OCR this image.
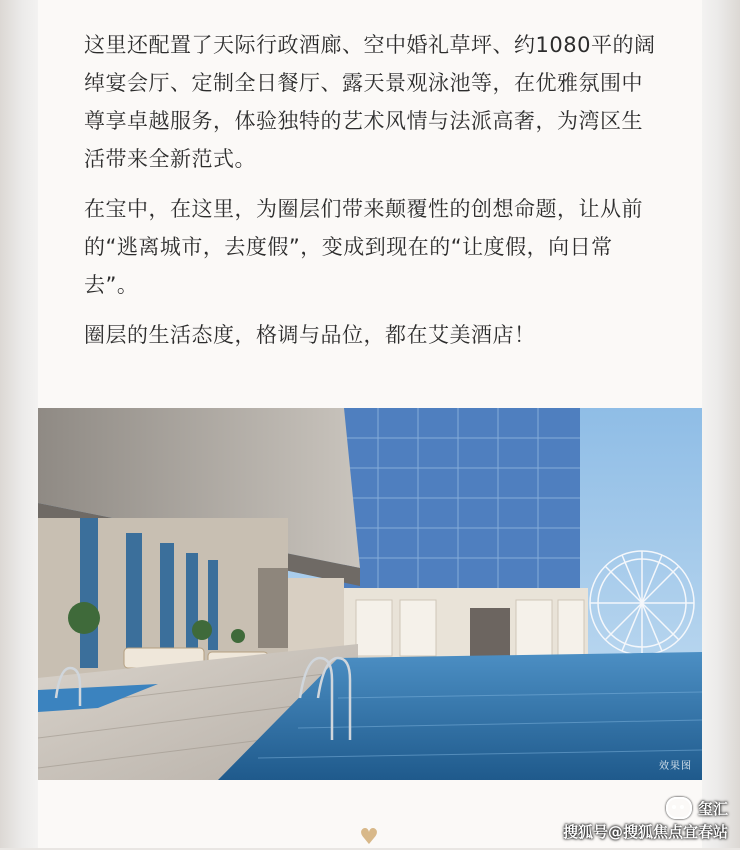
这里还配置了天际行政酒廊、空中婚礼草坪、约1080平的阔绰宴会厅、定制全日餐厅、露天景观泳池等，在优雅氛围中尊享卓越服务，体验独特的艺术风情与法派高奢，为湾区生活带来全新范式。
在宝中，在这里，为圈层们带来颠覆性的创想命题，让从前的“逃离城市，去度假”，变成到现在的“让度假，向日常去”。
圈层的生活态度，格调与品位，都在艾美酒店！
效果图
♥
玺汇
搜狐号@搜狐焦点宜春站
